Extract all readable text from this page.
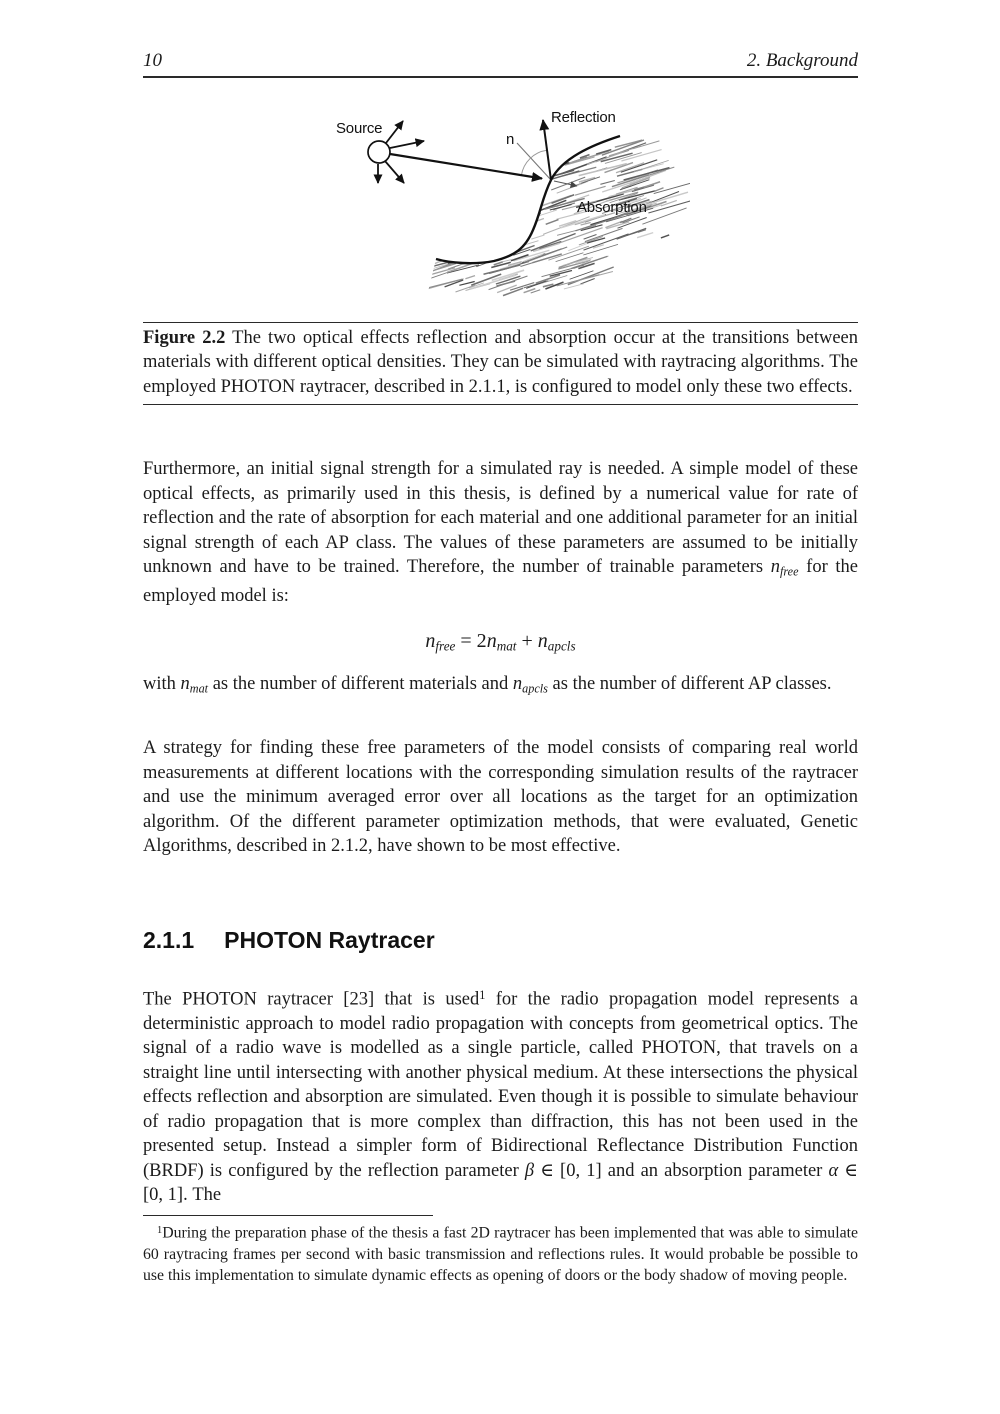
10	2. Background
Source
n
Reflection
Absorption

Figure 2.2 The two optical effects reflection and absorption occur at the transitions between materials with different optical densities. They can be simulated with raytracing algorithms. The employed PHOTON raytracer, described in 2.1.1, is configured to model only these two effects.

Furthermore, an initial signal strength for a simulated ray is needed. A simple model of these optical effects, as primarily used in this thesis, is defined by a numerical value for rate of reflection and the rate of absorption for each material and one additional parameter for an initial signal strength of each AP class. The values of these parameters are assumed to be initially unknown and have to be trained. Therefore, the number of trainable parameters nfree for the employed model is:

nfree = 2nmat + napcls

with nmat as the number of different materials and napcls as the number of different AP classes.

A strategy for finding these free parameters of the model consists of comparing real world measurements at different locations with the corresponding simulation results of the raytracer and use the minimum averaged error over all locations as the target for an optimization algorithm. Of the different parameter optimization methods, that were evaluated, Genetic Algorithms, described in 2.1.2, have shown to be most effective.

2.1.1 PHOTON Raytracer

The PHOTON raytracer [23] that is used$^1$ for the radio propagation model represents a deterministic approach to model radio propagation with concepts from geometrical optics. The signal of a radio wave is modelled as a single particle, called PHOTON, that travels on a straight line until intersecting with another physical medium. At these intersections the physical effects reflection and absorption are simulated. Even though it is possible to simulate behaviour of radio propagation that is more complex than diffraction, this has not been used in the presented setup. Instead a simpler form of Bidirectional Reflectance Distribution Function (BRDF) is configured by the reflection parameter β ∈ [0, 1] and an absorption parameter α ∈ [0, 1]. The

$^1$During the preparation phase of the thesis a fast 2D raytracer has been implemented that was able to simulate 60 raytracing frames per second with basic transmission and reflections rules. It would probable be possible to use this implementation to simulate dynamic effects as opening of doors or the body shadow of moving people.
